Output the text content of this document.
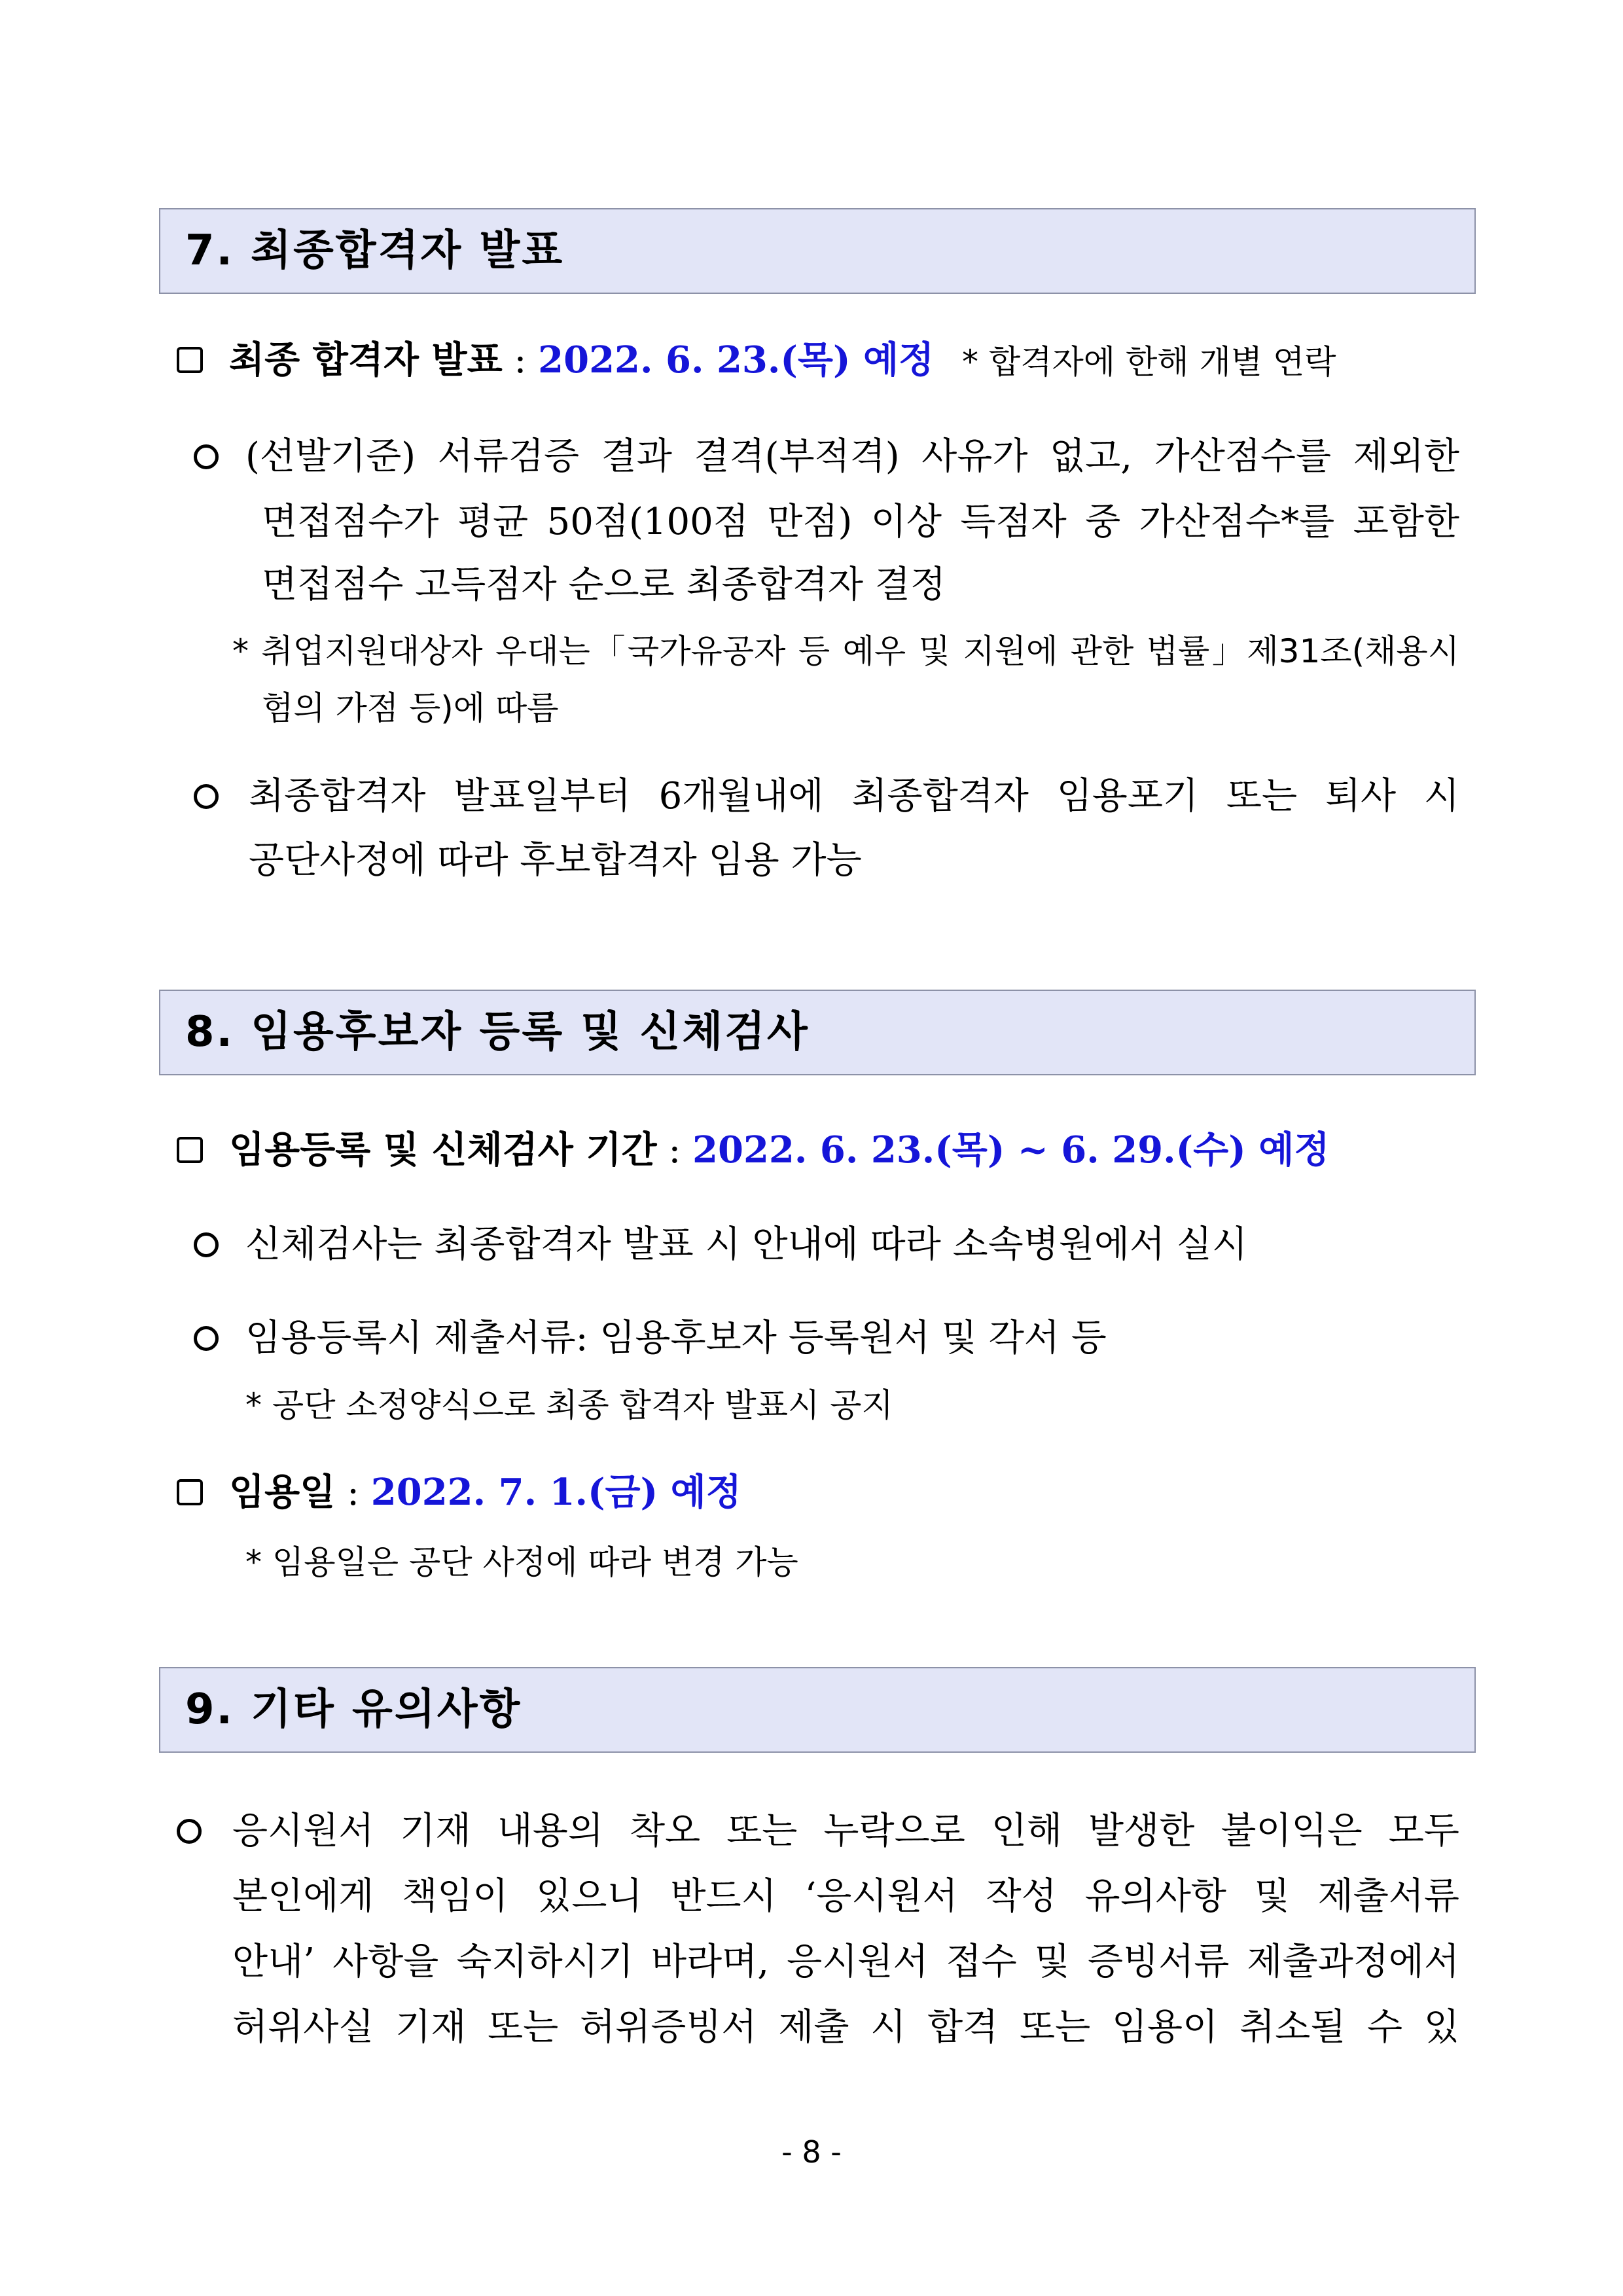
7. 최종합격자 발표
최종 합격자 발표 : 2022. 6. 23.(목) 예정 * 합격자에 한해 개별 연락
(선발기준) 서류검증 결과 결격(부적격) 사유가 없고, 가산점수를 제외한
면접점수가 평균 50점(100점 만점) 이상 득점자 중 가산점수*를 포함한
면접점수 고득점자 순으로 최종합격자 결정
* 취업지원대상자 우대는「국가유공자 등 예우 및 지원에 관한 법률」제31조(채용시
험의 가점 등)에 따름
최종합격자 발표일부터 6개월내에 최종합격자 임용포기 또는 퇴사 시
공단사정에 따라 후보합격자 임용 가능
8. 임용후보자 등록 및 신체검사
임용등록 및 신체검사 기간 : 2022. 6. 23.(목) ~ 6. 29.(수) 예정
신체검사는 최종합격자 발표 시 안내에 따라 소속병원에서 실시
임용등록시 제출서류: 임용후보자 등록원서 및 각서 등
* 공단 소정양식으로 최종 합격자 발표시 공지
임용일 : 2022. 7. 1.(금) 예정
* 임용일은 공단 사정에 따라 변경 가능
9. 기타 유의사항
응시원서 기재 내용의 착오 또는 누락으로 인해 발생한 불이익은 모두
본인에게 책임이 있으니 반드시 ‘응시원서 작성 유의사항 및 제출서류
안내’ 사항을 숙지하시기 바라며, 응시원서 접수 및 증빙서류 제출과정에서
허위사실 기재 또는 허위증빙서 제출 시 합격 또는 임용이 취소될 수 있
- 8 -
